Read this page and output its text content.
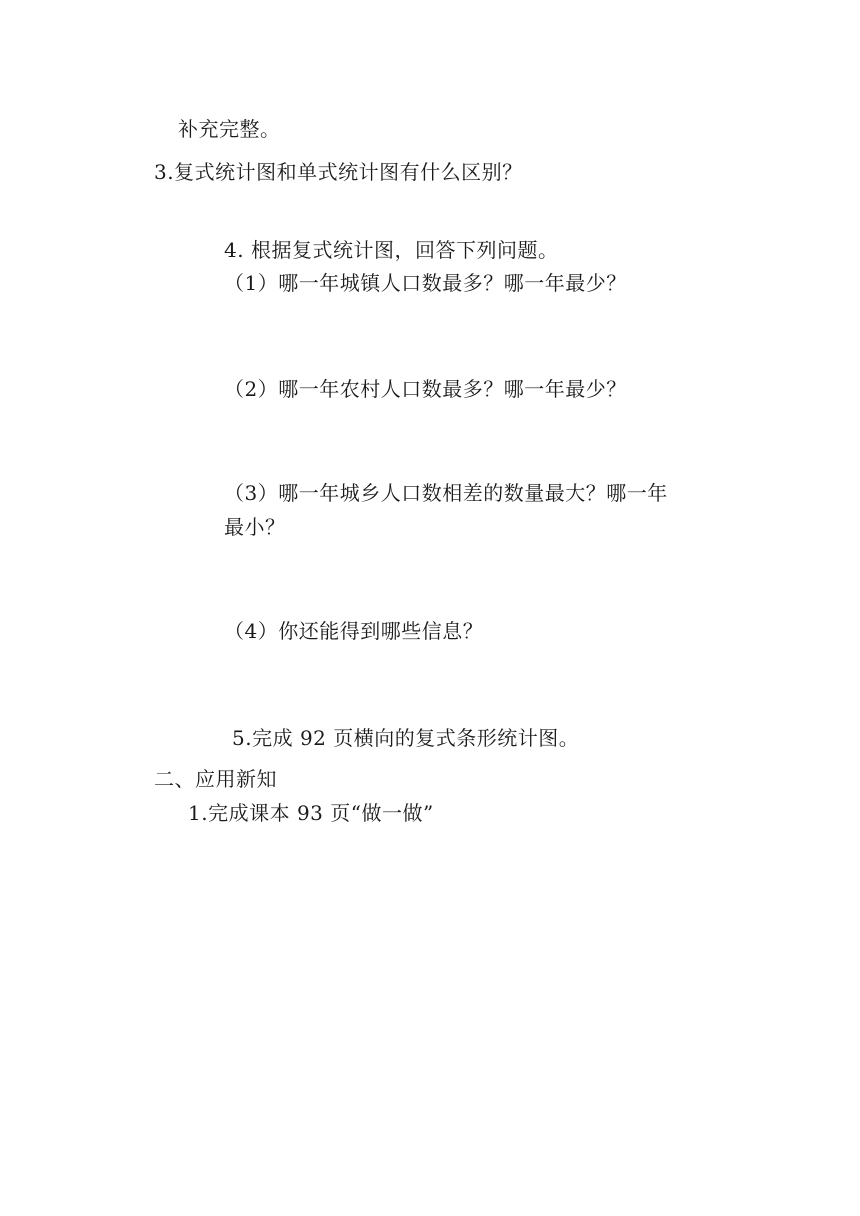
补充完整。
3.复式统计图和单式统计图有什么区别？
4. 根据复式统计图，回答下列问题。
（1）哪一年城镇人口数最多？哪一年最少？
（2）哪一年农村人口数最多？哪一年最少？
（3）哪一年城乡人口数相差的数量最大？哪一年
最小？
（4）你还能得到哪些信息？
5.完成 92 页横向的复式条形统计图。
二、应用新知
1.完成课本 93 页“做一做”
